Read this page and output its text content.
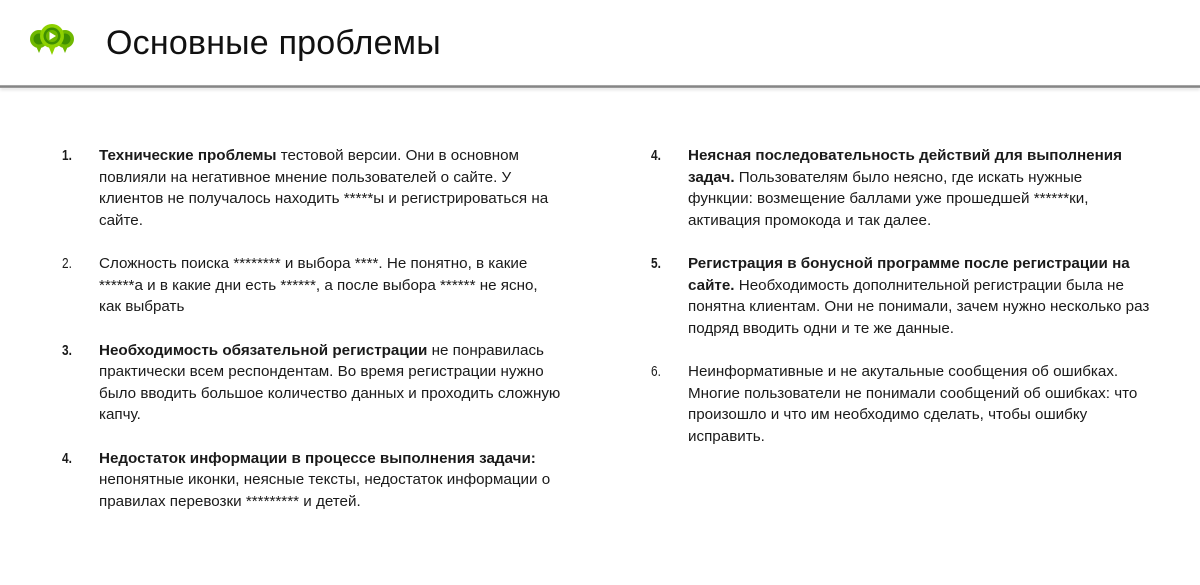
Основные проблемы
1. Технические проблемы тестовой версии. Они в основном повлияли на негативное мнение пользователей о сайте. У клиентов не получалось находить *****ы и регистрироваться на сайте.
2. Сложность поиска ******** и выбора ****. Не понятно, в какие ******а и в какие дни есть ******, а после выбора ****** не ясно, как выбрать
3. Необходимость обязательной регистрации не понравилась практически всем респондентам. Во время регистрации нужно было вводить большое количество данных и проходить сложную капчу.
4. Недостаток информации в процессе выполнения задачи: непонятные иконки, неясные тексты, недостаток информации о правилах перевозки ********* и детей.
4. Неясная последовательность действий для выполнения задач. Пользователям было неясно, где искать нужные функции: возмещение баллами уже прошедшей ******ки, активация промокода и так далее.
5. Регистрация в бонусной программе после регистрации на сайте. Необходимость дополнительной регистрации была не понятна клиентам. Они не понимали, зачем нужно несколько раз подряд вводить одни и те же данные.
6. Неинформативные и не акутальные сообщения об ошибках. Многие пользователи не понимали сообщений об ошибках: что произошло и что им необходимо сделать, чтобы ошибку исправить.
